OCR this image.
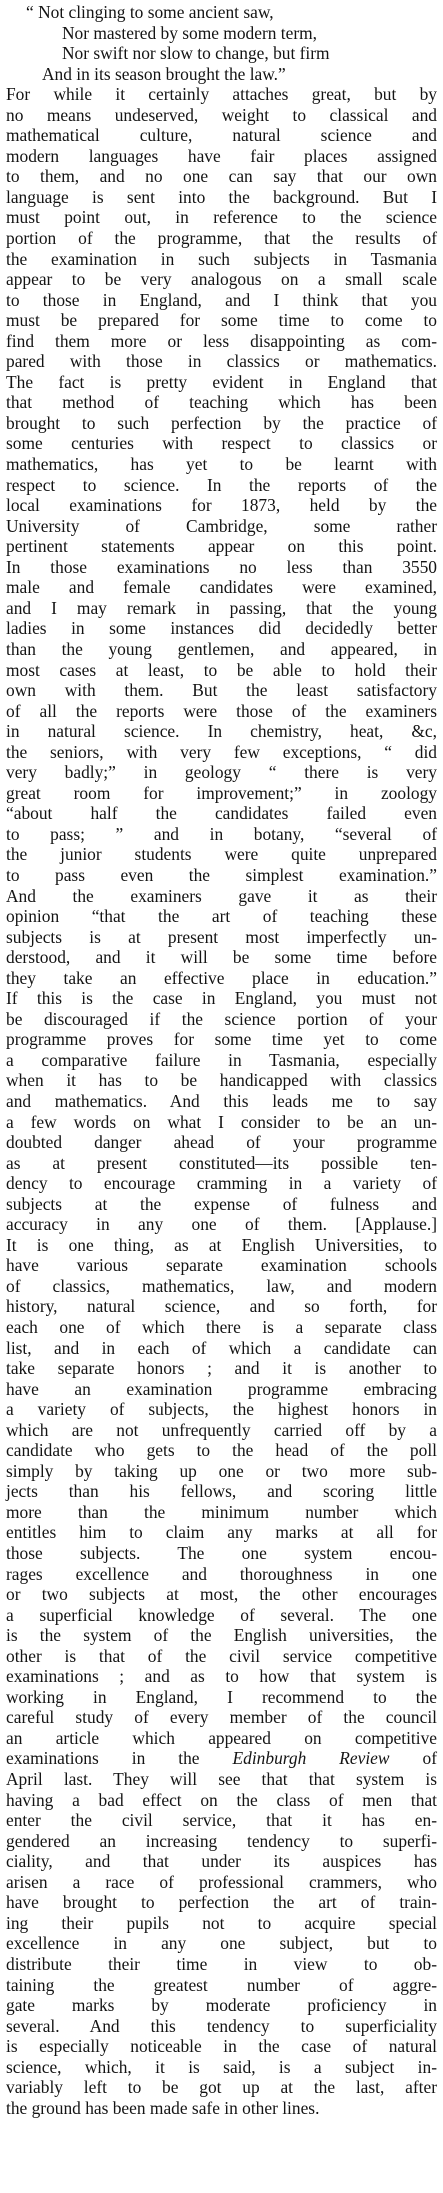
“ Not clinging to some ancient saw,
Nor mastered by some modern term,
Nor swift nor slow to change, but firm
And in its season brought the law.”
For while it certainly attaches great, but by
no means undeserved, weight to classical and
mathematical culture, natural science and
modern languages have fair places assigned
to them, and no one can say that our own
language is sent into the background. But I
must point out, in reference to the science
portion of the programme, that the results of
the examination in such subjects in Tasmania
appear to be very analogous on a small scale
to those in England, and I think that you
must be prepared for some time to come to
find them more or less disappointing as com-
pared with those in classics or mathematics.
The fact is pretty evident in England that
that method of teaching which has been
brought to such perfection by the practice of
some centuries with respect to classics or
mathematics, has yet to be learnt with
respect to science. In the reports of the
local examinations for 1873, held by the
University of Cambridge, some rather
pertinent statements appear on this point.
In those examinations no less than 3550
male and female candidates were examined,
and I may remark in passing, that the young
ladies in some instances did decidedly better
than the young gentlemen, and appeared, in
most cases at least, to be able to hold their
own with them. But the least satisfactory
of all the reports were those of the examiners
in natural science. In chemistry, heat, &c,
the seniors, with very few exceptions, “ did
very badly;” in geology “ there is very
great room for improvement;” in zoology
“about half the candidates failed even
to pass; ” and in botany, “several of
the junior students were quite unprepared
to pass even the simplest examination.”
And the examiners gave it as their
opinion “that the art of teaching these
subjects is at present most imperfectly un-
derstood, and it will be some time before
they take an effective place in education.”
If this is the case in England, you must not
be discouraged if the science portion of your
programme proves for some time yet to come
a comparative failure in Tasmania, especially
when it has to be handicapped with classics
and mathematics. And this leads me to say
a few words on what I consider to be an un-
doubted danger ahead of your programme
as at present constituted—its possible ten-
dency to encourage cramming in a variety of
subjects at the expense of fulness and
accuracy in any one of them. [Applause.]
It is one thing, as at English Universities, to
have various separate examination schools
of classics, mathematics, law, and modern
history, natural science, and so forth, for
each one of which there is a separate class
list, and in each of which a candidate can
take separate honors ; and it is another to
have an examination programme embracing
a variety of subjects, the highest honors in
which are not unfrequently carried off by a
candidate who gets to the head of the poll
simply by taking up one or two more sub-
jects than his fellows, and scoring little
more than the minimum number which
entitles him to claim any marks at all for
those subjects. The one system encou-
rages excellence and thoroughness in one
or two subjects at most, the other encourages
a superficial knowledge of several. The one
is the system of the English universities, the
other is that of the civil service competitive
examinations ; and as to how that system is
working in England, I recommend to the
careful study of every member of the council
an article which appeared on competitive
examinations in the Edinburgh Review of
April last. They will see that that system is
having a bad effect on the class of men that
enter the civil service, that it has en-
gendered an increasing tendency to superfi-
ciality, and that under its auspices has
arisen a race of professional crammers, who
have brought to perfection the art of train-
ing their pupils not to acquire special
excellence in any one subject, but to
distribute their time in view to ob-
taining the greatest number of aggre-
gate marks by moderate proficiency in
several. And this tendency to superficiality
is especially noticeable in the case of natural
science, which, it is said, is a subject in-
variably left to be got up at the last, after
the ground has been made safe in other lines.
